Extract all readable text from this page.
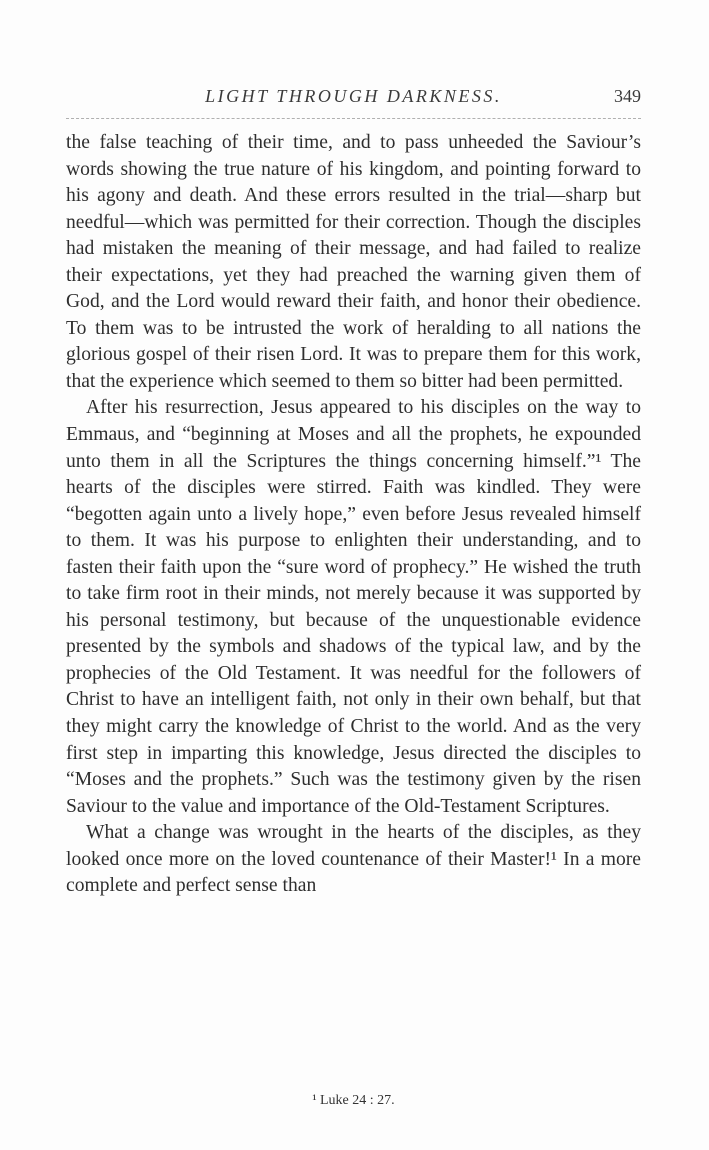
LIGHT THROUGH DARKNESS.	349

the false teaching of their time, and to pass unheeded the Saviour’s words showing the true nature of his kingdom, and pointing forward to his agony and death. And these errors resulted in the trial—sharp but needful—which was permitted for their correction. Though the disciples had mistaken the meaning of their message, and had failed to realize their expectations, yet they had preached the warning given them of God, and the Lord would reward their faith, and honor their obedience. To them was to be intrusted the work of heralding to all nations the glorious gospel of their risen Lord. It was to prepare them for this work, that the experience which seemed to them so bitter had been permitted.

After his resurrection, Jesus appeared to his disciples on the way to Emmaus, and “beginning at Moses and all the prophets, he expounded unto them in all the Scriptures the things concerning himself.”¹ The hearts of the disciples were stirred. Faith was kindled. They were “begotten again unto a lively hope,” even before Jesus revealed himself to them. It was his purpose to enlighten their understanding, and to fasten their faith upon the “sure word of prophecy.” He wished the truth to take firm root in their minds, not merely because it was supported by his personal testimony, but because of the unquestionable evidence presented by the symbols and shadows of the typical law, and by the prophecies of the Old Testament. It was needful for the followers of Christ to have an intelligent faith, not only in their own behalf, but that they might carry the knowledge of Christ to the world. And as the very first step in imparting this knowledge, Jesus directed the disciples to “Moses and the prophets.” Such was the testimony given by the risen Saviour to the value and importance of the Old-Testament Scriptures.

What a change was wrought in the hearts of the disciples, as they looked once more on the loved countenance of their Master!¹ In a more complete and perfect sense than

¹ Luke 24 : 27.
